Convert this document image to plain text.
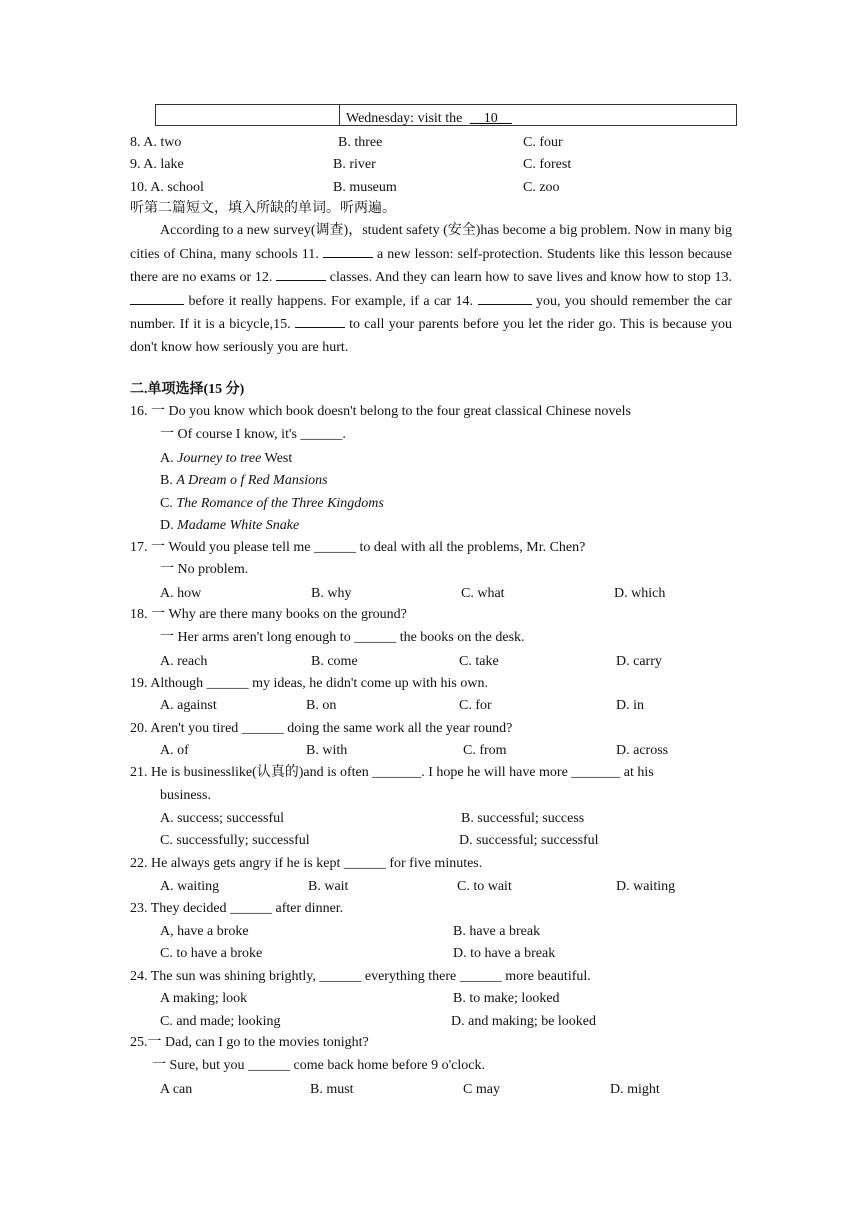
Wednesday: visit the __10__
8. A. two	B. three	C. four
9. A. lake	B. river	C. forest
10. A. school	B. museum	C. zoo
听第二篇短文，填入所缺的单词。听两遍。

According to a new survey(调查)，student safety (安全)has become a big problem. Now in many big cities of China, many schools 11.	a new lesson: self-protection. Students like this lesson because there are no exams or 12.	classes. And they can learn how to save lives and know how to stop 13.  before it really happens. For example, if a car 14.	you, you should remember the car number. If it is a bicycle,15.	to call your parents before you let the rider go. This is because you don't know how seriously you are hurt.

二.单项选择(15 分)
16. 一 Do you know which book doesn't belong to the four great classical Chinese novels
一 Of course I know, it's ______.
A. Journey to tree West
B. A Dream o f Red Mansions
C. The Romance of the Three Kingdoms
D. Madame White Snake
17. 一 Would you please tell me ______ to deal with all the problems, Mr. Chen?
一 No problem.
A. how	B. why	C. what	D. which
18. 一 Why are there many books on the ground?
一 Her arms aren't long enough to ______ the books on the desk.
A. reach	B. come	C. take	D. carry
19. Although ______ my ideas, he didn't come up with his own.
A. against	B. on	C. for	D. in
20. Aren't you tired ______ doing the same work all the year round?
A. of	B. with	C. from	D. across
21. He is businesslike(认真的)and is often _______. I hope he will have more _______ at his
business.
A. success; successful	B. successful; success
C. successfully; successful	D. successful; successful
22. He always gets angry if he is kept ______ for five minutes.
A. waiting	B. wait	C. to wait	D. waiting
23. They decided ______ after dinner.
A, have a broke	B. have a break
C. to have a broke	D. to have a break
24. The sun was shining brightly, ______ everything there ______ more beautiful.
A making; look	B. to make; looked
C. and made; looking	D. and making; be looked
25.一 Dad, can I go to the movies tonight?
一 Sure, but you ______ come back home before 9 o'clock.
A can	B. must	C may	D. might
